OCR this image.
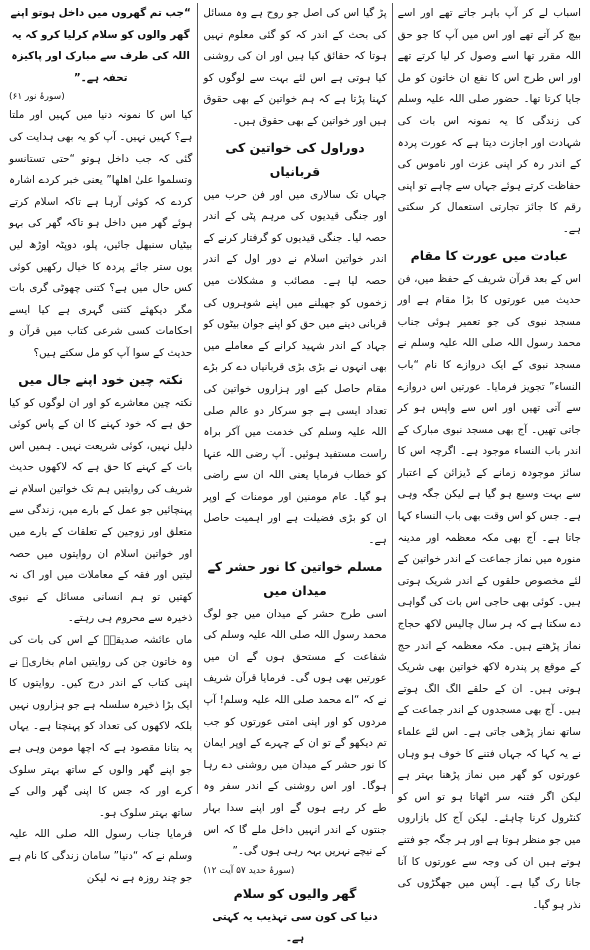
“جب تم گھروں میں داخل ہوتو اپنے گھر والوں کو سلام کرلیا کرو کہ یہ اللہ کی طرف سے مبارک اور پاکیزہ تحفہ ہے۔”

(سورۂ نور ۶۱)

کیا اس کا نمونہ دنیا میں کہیں اور ملتا ہے؟ کہیں نہیں۔ آپ کو یہ بھی ہدایت کی گئی کہ جب داخل ہوتو “حتی تستانسو وتسلموا علیٰ اھلھا” یعنی خبر کردے اشارہ کردے کہ کوئی آرہا ہے تاکہ اسلام کرتے ہوئے گھر میں داخل ہو تاکہ گھر کی بہو بیٹیاں سنبھل جائیں، پلو، دوپٹہ اوڑھ لیں یوں ستر جائے پردہ کا خیال رکھیں کوئی کس حال میں ہے؟ کتنی چھوٹی گری بات مگر دیکھئے کتنی گہری ہے کیا ایسے احکامات کسی شرعی کتاب میں قرآن و حدیث کے سوا آپ کو مل سکتے ہیں؟

نکتہ چین خود اپنے جال میں

نکتہ چین معاشرے کو اور ان لوگوں کو کیا حق ہے کہ خود کہنے کا ان کے پاس کوئی دلیل نہیں، کوئی شریعت نہیں۔ ہمیں اس بات کے کہنے کا حق ہے کہ لاکھوں حدیث شریف کی روایتیں ہم تک خواتین اسلام نے پہنچائیں جو عمل کے بارے میں، زندگی سے متعلق اور زوجین کے تعلقات کے بارے میں اور خواتین اسلام ان روایتوں میں حصہ لیتیں اور فقہ کے معاملات میں اور اک نہ کھتیں تو ہم انسانی مسائل کے نبوی ذخیرہ سے محروم ہی رہتے۔

ماں عائشہ صدیقہؓ کے اس کی بات کی وہ خاتون جن کی روایتیں امام بخاریؒ نے اپنی کتاب کے اندر درج کیں۔ روایتوں کا ایک بڑا ذخیرہ سلسلہ ہے جو ہزاروں نہیں بلکہ لاکھوں کی تعداد کو پہنچتا ہے۔ یہاں یہ بتانا مقصود ہے کہ اچھا مومن وہی ہے جو اپنے گھر والوں کے ساتھ بہتر سلوک کرے اور کہ جس کا اپنی گھر والی کے ساتھ بہتر سلوک ہو۔

فرمایا جناب رسول اللہ صلی اللہ علیہ وسلم نے کہ “دنیا” سامان زندگی کا نام ہے جو چند روزہ ہے نہ لیکن

پڑ گیا اس کی اصل جو روح ہے وہ مسائل کی بحث کے اندر کہ کو گئی معلوم نہیں ہوتا کہ حقائق کیا ہیں اور ان کی روشنی کیا ہوتی ہے اس لئے بہت سے لوگوں کو کہنا پڑتا ہے کہ ہم خواتین کے بھی حقوق ہیں اور خواتین کے بھی حقوق ہیں۔

دوراول کی خواتین کی قربانیاں

جہاں تک سالاری میں اور فن حرب میں اور جنگی قیدیوں کی مرہم پٹی کے اندر حصہ لیا۔ جنگی قیدیوں کو گرفتار کرنے کے اندر خواتین اسلام نے دور اول کے اندر حصہ لیا ہے۔ مصائب و مشکلات میں زخموں کو جھیلنے میں اپنے شوہروں کی قربانی دینے میں حق کو اپنے جوان بیٹوں کو جہاد کے اندر شہید کرانے کے معاملے میں بھی انہوں نے بڑی بڑی قربانیاں دے کر بڑے مقام حاصل کیے اور ہزاروں خواتین کی تعداد ایسی ہے جو سرکار دو عالم صلی اللہ علیہ وسلم کی خدمت میں آکر براہ راست مستفید ہوئیں۔ آپ رضی اللہ عنہا کو خطاب فرمایا یعنی اللہ ان سے راضی ہو گیا۔ عام مومنین اور مومنات کے اوپر ان کو بڑی فضیلت ہے اور اہمیت حاصل ہے۔

مسلم خواتین کا نور حشر کے میدان میں

اسی طرح حشر کے میدان میں جو لوگ محمد رسول اللہ صلی اللہ علیہ وسلم کی شفاعت کے مستحق ہوں گے ان میں عورتیں بھی ہوں گی۔ فرمایا قرآن شریف نے کہ “اے محمد صلی اللہ علیہ وسلم! آپ مردوں کو اور اپنی امتی عورتوں کو جب تم دیکھو گے تو ان کے چہرے کے اوپر ایمان کا نور حشر کے میدان میں روشنی دے رہا ہوگا۔ اور اس روشنی کے اندر سفر وہ طے کر رہے ہوں گے اور اپنے سدا بہار جنتوں کے اندر انہیں داخل ملے گا کہ اس کے نیچے نہریں بہہ رہی ہوں گی۔”

(سورۂ حدید ۵۷ آیت ۱۲)

گھر والیوں کو سلام

دنیا کی کون سی تہذیب یہ کہتی ہے۔

اسباب لے کر آپ باہر جاتے تھے اور اسے بیچ کر آتے تھے اور اس میں آپ کا جو حق اللہ مقرر تھا اسے وصول کر لیا کرتے تھے اور اس طرح اس کا نفع ان خاتون کو مل جایا کرتا تھا۔ حضور صلی اللہ علیہ وسلم کی زندگی کا یہ نمونہ اس بات کی شہادت اور اجازت دیتا ہے کہ عورت پردہ کے اندر رہ کر اپنی عزت اور ناموس کی حفاظت کرتے ہوئے جہاں سے چاہے تو اپنی رقم کا جائز تجارتی استعمال کر سکتی ہے۔

عبادت میں عورت کا مقام

اس کے بعد قرآن شریف کے حفظ میں، فن حدیث میں عورتوں کا بڑا مقام ہے اور مسجد نبوی کی جو تعمیر ہوئی جناب محمد رسول اللہ صلی اللہ علیہ وسلم نے مسجد نبوی کے ایک دروازے کا نام “باب النساء” تجویز فرمایا۔ عورتیں اس دروازے سے آتی تھیں اور اس سے واپس ہو کر جاتی تھیں۔ آج بھی مسجد نبوی مبارک کے اندر باب النساء موجود ہے۔ اگرچہ اس کا سائز موجودہ زمانے کے ڈیزائن کے اعتبار سے بہت وسیع ہو گیا ہے لیکن جگہ وہی ہے۔ جس کو اس وقت بھی باب النساء کہا جاتا ہے۔ آج بھی مکہ معظمہ اور مدینہ منورہ میں نماز جماعت کے اندر خواتین کے لئے مخصوص حلقوں کے اندر شریک ہوتی ہیں۔ کوئی بھی حاجی اس بات کی گواہی دے سکتا ہے کہ ہر سال چالیس لاکھ حجاج نماز پڑھتے ہیں۔ مکہ معظمہ کے اندر حج کے موقع پر پندرہ لاکھ خواتین بھی شریک ہوتی ہیں۔ ان کے حلقے الگ الگ ہوتے ہیں۔ آج بھی مسجدوں کے اندر جماعت کے ساتھ نماز پڑھی جاتی ہے۔ اس لئے علماء نے یہ کہا کہ جہاں فتنے کا خوف ہو وہاں عورتوں کو گھر میں نماز پڑھنا بہتر ہے لیکن اگر فتنہ سر اٹھاتا ہو تو اس کو کنٹرول کرنا چاہئے۔ لیکن آج کل بازاروں میں جو منظر ہوتا ہے اور ہر جگہ جو فتنے ہوتے ہیں ان کی وجہ سے عورتوں کا آنا جانا رک گیا ہے۔ آپس میں جھگڑوں کی نذر ہو گیا۔
